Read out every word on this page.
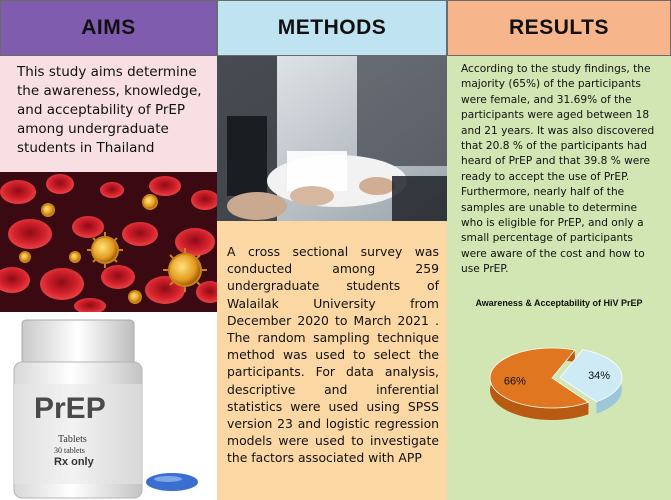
AIMS

This study aims determine the awareness, knowledge, and acceptability of PrEP among undergraduate students in Thailand

PrEP
Tablets
30 tablets
Rx only
METHODS

A cross sectional survey was conducted among 259 undergraduate students of Walailak University from December 2020 to March 2021 . The random sampling technique method was used to select the participants. For data analysis, descriptive and inferential statistics were used using SPSS version 23 and logistic regression models were used to investigate the factors associated with APP

RESULTS

According to the study findings, the majority (65%) of the participants were female, and 31.69% of the participants were aged between 18 and 21 years. It was also discovered that 20.8 % of the participants had heard of PrEP and that 39.8 % were ready to accept the use of PrEP. Furthermore, nearly half of the samples are unable to determine who is eligible for PrEP, and only a small percentage of participants were aware of the cost and how to use PrEP.

Awareness & Acceptability of HiV PrEP
66%	34%
